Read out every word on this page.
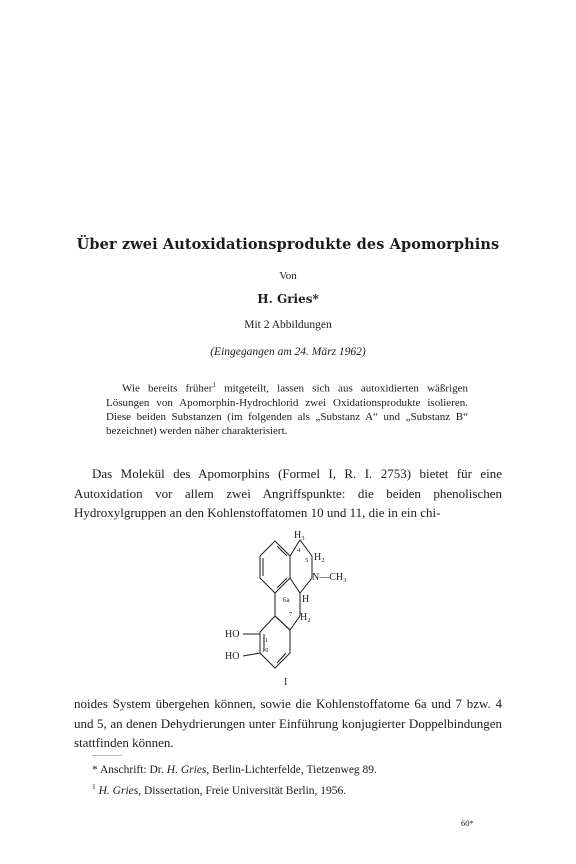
Über zwei Autoxidationsprodukte des Apomorphins
Von
H. Gries*
Mit 2 Abbildungen
(Eingegangen am 24. März 1962)
Wie bereits früher$^1$ mitgeteilt, lassen sich aus autoxidierten wäßrigen Lösungen von Apomorphin-Hydrochlorid zwei Oxidationsprodukte isolieren. Diese beiden Substanzen (im folgenden als „Substanz A“ und „Substanz B“ bezeichnet) werden näher charakterisiert.
Das Molekül des Apomorphins (Formel I, R. I. 2753) bietet für eine Autoxidation vor allem zwei Angriffspunkte: die beiden phenolischen Hydroxylgruppen an den Kohlenstoffatomen 10 und 11, die in ein chi-
$H_3$
4
5 $H_2$
$N—CH_3$
6a H
7 $H_2$
HO
HO
11
10
I
noides System übergehen können, sowie die Kohlenstoffatome 6a und 7 bzw. 4 und 5, an denen Dehydrierungen unter Einführung konjugierter Doppelbindungen stattfinden können.
* Anschrift: Dr. H. Gries, Berlin-Lichterfelde, Tietzenweg 89.
$^1$ H. Gries, Dissertation, Freie Universität Berlin, 1956.
60*
